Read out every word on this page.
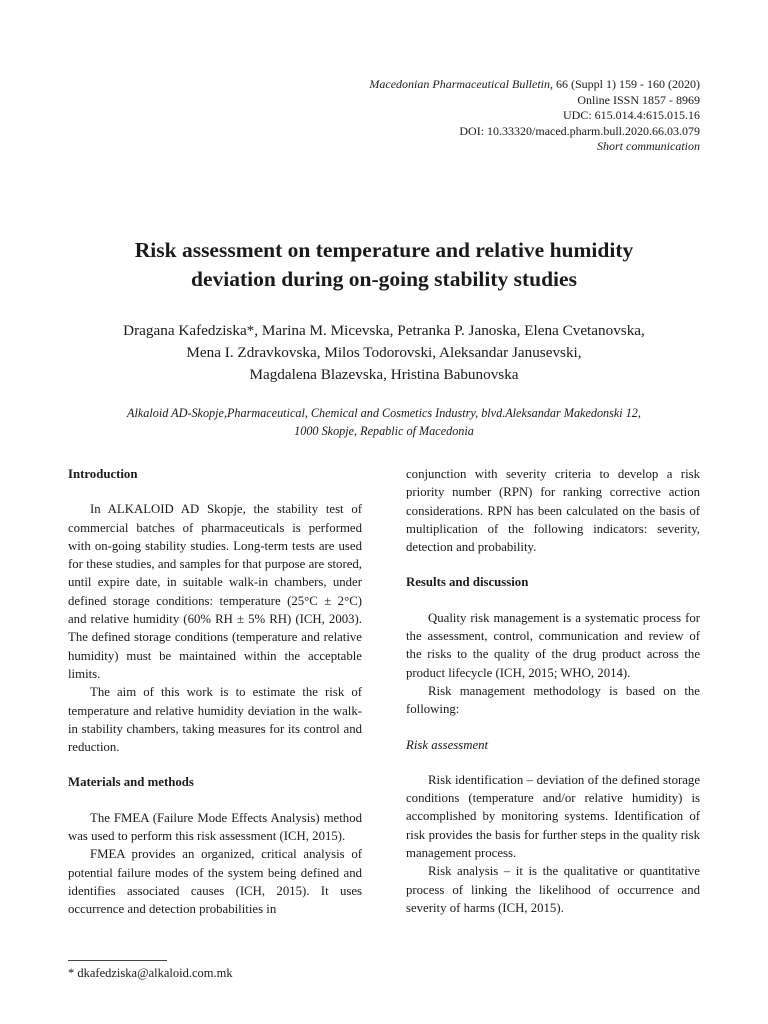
Macedonian Pharmaceutical Bulletin, 66 (Suppl 1) 159 - 160 (2020)
Online ISSN 1857 - 8969
UDC: 615.014.4:615.015.16
DOI: 10.33320/maced.pharm.bull.2020.66.03.079
Short communication
Risk assessment on temperature and relative humidity
deviation during on-going stability studies
Dragana Kafedziska*, Marina M. Micevska, Petranka P. Janoska, Elena Cvetanovska,
Mena I. Zdravkovska, Milos Todorovski, Aleksandar Janusevski,
Magdalena Blazevska, Hristina Babunovska
Alkaloid AD-Skopje,Pharmaceutical, Chemical and Cosmetics Industry, blvd.Aleksandar Makedonski 12,
1000 Skopje, Repablic of Macedonia
Introduction

In ALKALOID AD Skopje, the stability test of commercial batches of pharmaceuticals is performed with on-going stability studies. Long-term tests are used for these studies, and samples for that purpose are stored, until expire date, in suitable walk-in chambers, under defined storage conditions: temperature (25°C ± 2°C) and relative humidity (60% RH ± 5% RH) (ICH, 2003). The defined storage conditions (temperature and relative humidity) must be maintained within the acceptable limits.

The aim of this work is to estimate the risk of temperature and relative humidity deviation in the walk-in stability chambers, taking measures for its control and reduction.

Materials and methods

The FMEA (Failure Mode Effects Analysis) method was used to perform this risk assessment (ICH, 2015).

FMEA provides an organized, critical analysis of potential failure modes of the system being defined and identifies associated causes (ICH, 2015). It uses occurrence and detection probabilities in

conjunction with severity criteria to develop a risk priority number (RPN) for ranking corrective action considerations. RPN has been calculated on the basis of multiplication of the following indicators: severity, detection and probability.

Results and discussion

Quality risk management is a systematic process for the assessment, control, communication and review of the risks to the quality of the drug product across the product lifecycle (ICH, 2015; WHO, 2014).

Risk management methodology is based on the following:

Risk assessment

Risk identification – deviation of the defined storage conditions (temperature and/or relative humidity) is accomplished by monitoring systems. Identification of risk provides the basis for further steps in the quality risk management process.

Risk analysis – it is the qualitative or quantitative process of linking the likelihood of occurrence and severity of harms (ICH, 2015).

* dkafedziska@alkaloid.com.mk
